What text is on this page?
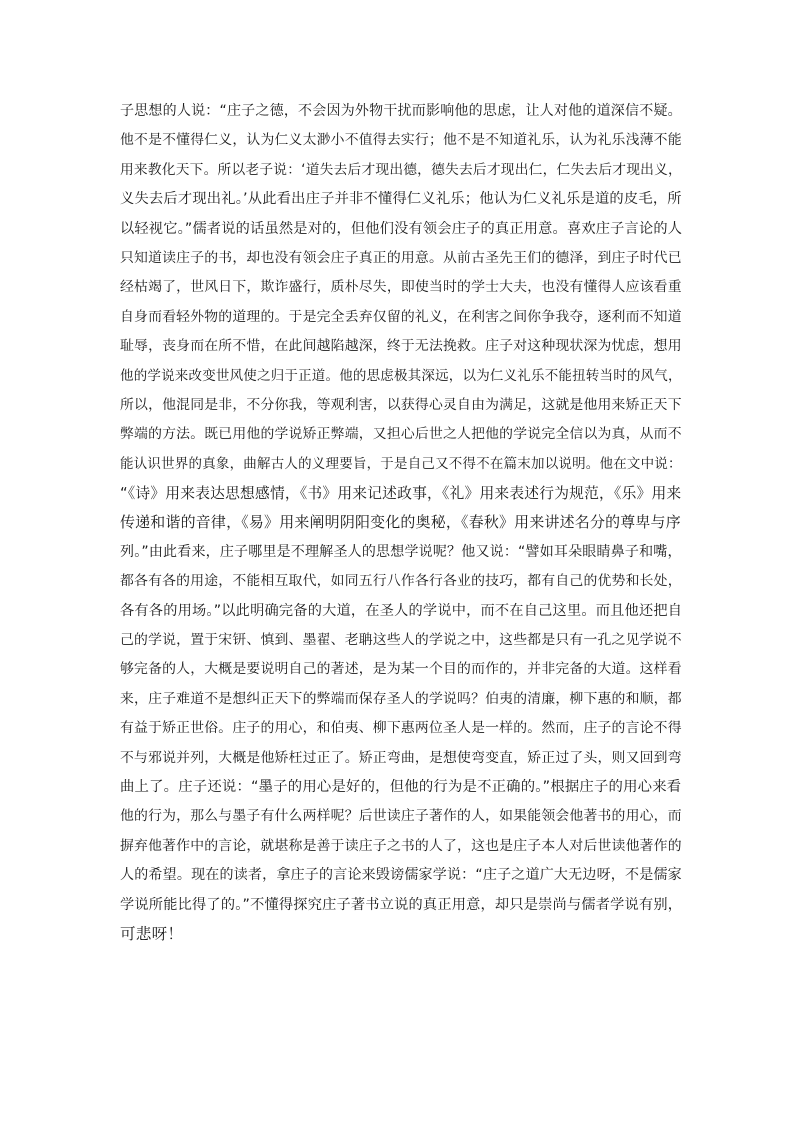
子思想的人说：“庄子之德，不会因为外物干扰而影响他的思虑，让人对他的道深信不疑。
他不是不懂得仁义，认为仁义太渺小不值得去实行；他不是不知道礼乐，认为礼乐浅薄不能
用来教化天下。所以老子说：‘道失去后才现出德，德失去后才现出仁，仁失去后才现出义，
义失去后才现出礼。’从此看出庄子并非不懂得仁义礼乐；他认为仁义礼乐是道的皮毛，所
以轻视它。”儒者说的话虽然是对的，但他们没有领会庄子的真正用意。喜欢庄子言论的人
只知道读庄子的书，却也没有领会庄子真正的用意。从前古圣先王们的德泽，到庄子时代已
经枯竭了，世风日下，欺诈盛行，质朴尽失，即使当时的学士大夫，也没有懂得人应该看重
自身而看轻外物的道理的。于是完全丢弃仅留的礼义，在利害之间你争我夺，逐利而不知道
耻辱，丧身而在所不惜，在此间越陷越深，终于无法挽救。庄子对这种现状深为忧虑，想用
他的学说来改变世风使之归于正道。他的思虑极其深远，以为仁义礼乐不能扭转当时的风气，
所以，他混同是非，不分你我，等观利害，以获得心灵自由为满足，这就是他用来矫正天下
弊端的方法。既已用他的学说矫正弊端，又担心后世之人把他的学说完全信以为真，从而不
能认识世界的真象，曲解古人的义理要旨，于是自己又不得不在篇末加以说明。他在文中说：
“《诗》用来表达思想感情，《书》用来记述政事，《礼》用来表述行为规范，《乐》用来
传递和谐的音律，《易》用来阐明阴阳变化的奥秘，《春秋》用来讲述名分的尊卑与序
列。”由此看来，庄子哪里是不理解圣人的思想学说呢？他又说：“譬如耳朵眼睛鼻子和嘴，
都各有各的用途，不能相互取代，如同五行八作各行各业的技巧，都有自己的优势和长处，
各有各的用场。”以此明确完备的大道，在圣人的学说中，而不在自己这里。而且他还把自
己的学说，置于宋钘、慎到、墨翟、老聃这些人的学说之中，这些都是只有一孔之见学说不
够完备的人，大概是要说明自己的著述，是为某一个目的而作的，并非完备的大道。这样看
来，庄子难道不是想纠正天下的弊端而保存圣人的学说吗？伯夷的清廉，柳下惠的和顺，都
有益于矫正世俗。庄子的用心，和伯夷、柳下惠两位圣人是一样的。然而，庄子的言论不得
不与邪说并列，大概是他矫枉过正了。矫正弯曲，是想使弯变直，矫正过了头，则又回到弯
曲上了。庄子还说：“墨子的用心是好的，但他的行为是不正确的。”根据庄子的用心来看
他的行为，那么与墨子有什么两样呢？后世读庄子著作的人，如果能领会他著书的用心，而
摒弃他著作中的言论，就堪称是善于读庄子之书的人了，这也是庄子本人对后世读他著作的
人的希望。现在的读者，拿庄子的言论来毁谤儒家学说：“庄子之道广大无边呀，不是儒家
学说所能比得了的。”不懂得探究庄子著书立说的真正用意，却只是崇尚与儒者学说有别，
可悲呀！
